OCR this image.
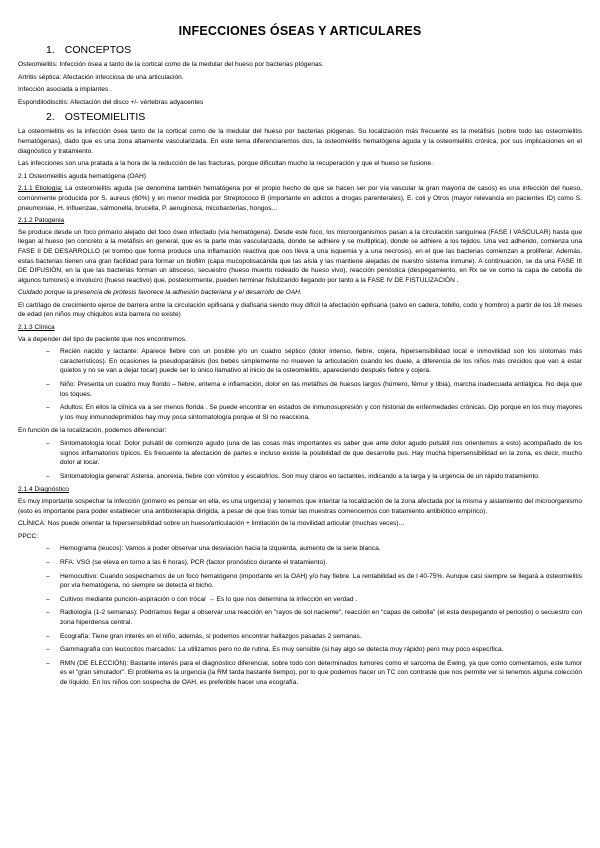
INFECCIONES ÓSEAS Y ARTICULARES
1. CONCEPTOS

Osteomielitis: Infección ósea a tanto de la cortical como de la medular del hueso por bacterias pIógenas.

Artritis séptica: Afectación infecciosa de una articulación.

Infección asociada a implantes .

Espondilodiscitis: Afectación del disco +/- vértebras adyacentes

2. OSTEOMIELITIS

La osteomielitis es la infección ósea tanto de la cortical como de la medular del hueso por bacterias piógenas. Su localización más frecuente es la metáfisis (sobre todo las osteomielitis hematógenas), dado que es una zona altamente vascularizada. En este tema diferenciaremos dos, la osteomielitis hematógena aguda y la osteomielitis crónica, por sus implicaciones en el diagnóstico y tratamiento.

Las infecciones son una pratada a la hora de la reducción de las fracturas, porque dificultan mucho la recuperación y que el hueso se fusione.

2.1 Osteomielitis aguda hematógena (OAH)

2.1.1 Etiología: La osteomielitis aguda (se denomina también hematógena por el propio hecho de que se hacen ser por vía vascular la gran mayoría de casos) es una infección del hueso, comúnmente producida por S. aureus (60%) y en menor medida por Streptococo B (importante en adictos a drogas parenterales), E. coli y Otros (mayor relevancia en pacientes ID) como S. pneumoniae, H. influenzae, salmonella, brucella, P. aeruginosa, micobacterias, hongos...

2.1.2 Patogenia

Se produce desde un foco primario alejado del foco óseo infectado (vía hematógena). Desde este foco, los microorganismos pasan a la circulación sanguínea (FASE I VASCULAR) hasta que llegan al hueso (en concreto a la metáfisis en general, que es la parte más vascularizada, donde se adhiere y se multiplica), donde se adhiere a los tejidos. Una vez adherido, comienza una FASE II DE DESARROLLO (el trombo que forma produce una inflamación reactiva que nos lleva a una isquemia y a una necrosis), en el que las bacterias comienzan a proliferar. Además, estas bacterias tienen una gran facilidad para formar un biofilm (capa mucopolisacárida que las aísla y las mantiene alejadas de nuestro sistema inmune). A continuación, se da una FASE III DE DIFUSIÓN, en la que las bacterias forman un absceso, secuestro (hueso muerto rodeado de hueso vivo), reacción perióstica (despegamiento, en Rx se ve como la capa de cebolla de algunos tumores) e involucro (hueso reactivo) que, posteriormente, pueden terminar fistulizando llegando por tanto a la FASE IV DE FISTULIZACIÓN .

Cuidado porque la presencia de prótesis favorece la adhesión bacteriana y el desarrollo de OAH.

El cartílago de crecimiento ejerce de barrera entre la circulación epifisaria y diafisaria siendo muy difícil la afectación epifisaria (salvo en cadera, tobillo, codo y hombro) a partir de los 18 meses de edad (en niños muy chiquitos esta barrera no existe)

2.1.3 Clínica

Va a depender del tipo de paciente que nos encontremos.

– Recién nacido y lactante: Aparece fiebre con un posible y/o un cuadro séptico (dolor intenso, fiebre, cojera, hipersensibilidad local e inmovilidad son los síntomas más característicos). En ocasiones la pseudoparálisis (los bebés simplemente no mueven la articulación cuando les duele, a diferencia de los niños más crecidos que van a estar quietos y no se van a dejar tocar) puede ser lo único llamativo al inicio de la osteomielitis, apareciendo después fiebre y cojera.
– Niño: Presenta un cuadro muy florido – fiebre, eritema e inflamación, dolor en las metáfisis de huesos largos (húmero, fémur y tibia), marcha inadecuada antiálgica. No deja que los toques.
– Adultos: En ellos la clínica va a ser menos florida . Se puede encontrar en estados de inmunosupresión y con historial de enfermedades crónicas. Ojo porque en los muy mayores y los muy inmunodeprimidos hay muy poca sintomatología porque el SI no reacciona.

En función de la localización, podemos diferenciar:

– Sintomatología local: Dolor pulsátil de comienzo agudo (una de las cosas más importantes es saber que ante dolor agudo pulsátil nos orientemos a esto) acompañado de los signos inflamatorios típicos. Es frecuente la afectación de partes e incluso existe la posibilidad de que desarrolle pus. Hay mucha hipersensibilidad en la zona, es decir, mucho dolor al tocar.
– Sintomatología general: Astenia, anorexia, fiebre con vómitos y escalofríos. Son muy claros en lactantes, indicando a la larga y la urgencia de un rápido tratamiento.

2.1.4 Diagnóstico

Es muy importante sospechar la infección (primero es pensar en ella, es una urgencia) y tenemos que intentar la localización de la zona afectada por la misma y aislamiento del microorganismo (esto es importante para poder establecer una antibioterapia dirigida, a pesar de que tras tomar las muestras comencemos con tratamiento antibiótico empírico).

CLÍNICA: Nos puede orientar la hipersensibilidad sobre un hueso/articulación + limitación de la movilidad articular (muchas veces)...

PPCC:

– Hemograma (leucos): Vamos a poder observar una desviación hacia la izquierda, aumento de la serie blanca.
– RFA: VSG (se eleva en torno a las 6 horas), PCR (factor pronóstico durante el tratamiento).
– Hemocultivo: Cuando sospechamos de un foco hematógeno (importante en la OAH) y/o hay fiebre. La rentabilidad es de l 40-75%. Aunque casi siempre se llegará a osteomielitis por vía hematógena, no siempre se detecta el bicho.
– Cultivos mediante punción-aspiración o con trócar → Es lo que nos determina la infección en verdad .
– Radiología (1-2 semanas): Podríamos llegar a observar una reacción en "rayos de sol naciente", reacción en "capas de cebolla" (el esta despegando el periostio) o secuestro con zona hiperdensa central.
– Ecografía: Tiene gran interés en el niño, además, si podemos encontrar hallazgos pasadas 2 semanas.
– Gammagrafía con leucocitos marcados: La utilizamos pero no de rutina. Es muy sensible (si hay algo se detecta muy rápido) pero muy poco específica.
– RMN (DE ELECCIÓN): Bastante interés para el diagnóstico diferencial, sobre todo con determinados tumores como el sarcoma de Ewing, ya que como comentamos, este tumor es el "gran simulador". El problema es la urgencia (la RM tarda bastante tiempo), por lo que podemos hacer un TC con contraste que nos permite ver si tenemos alguna colección de líquido. En los niños con sospecha de OAH, es preferible hacer una ecografía.
